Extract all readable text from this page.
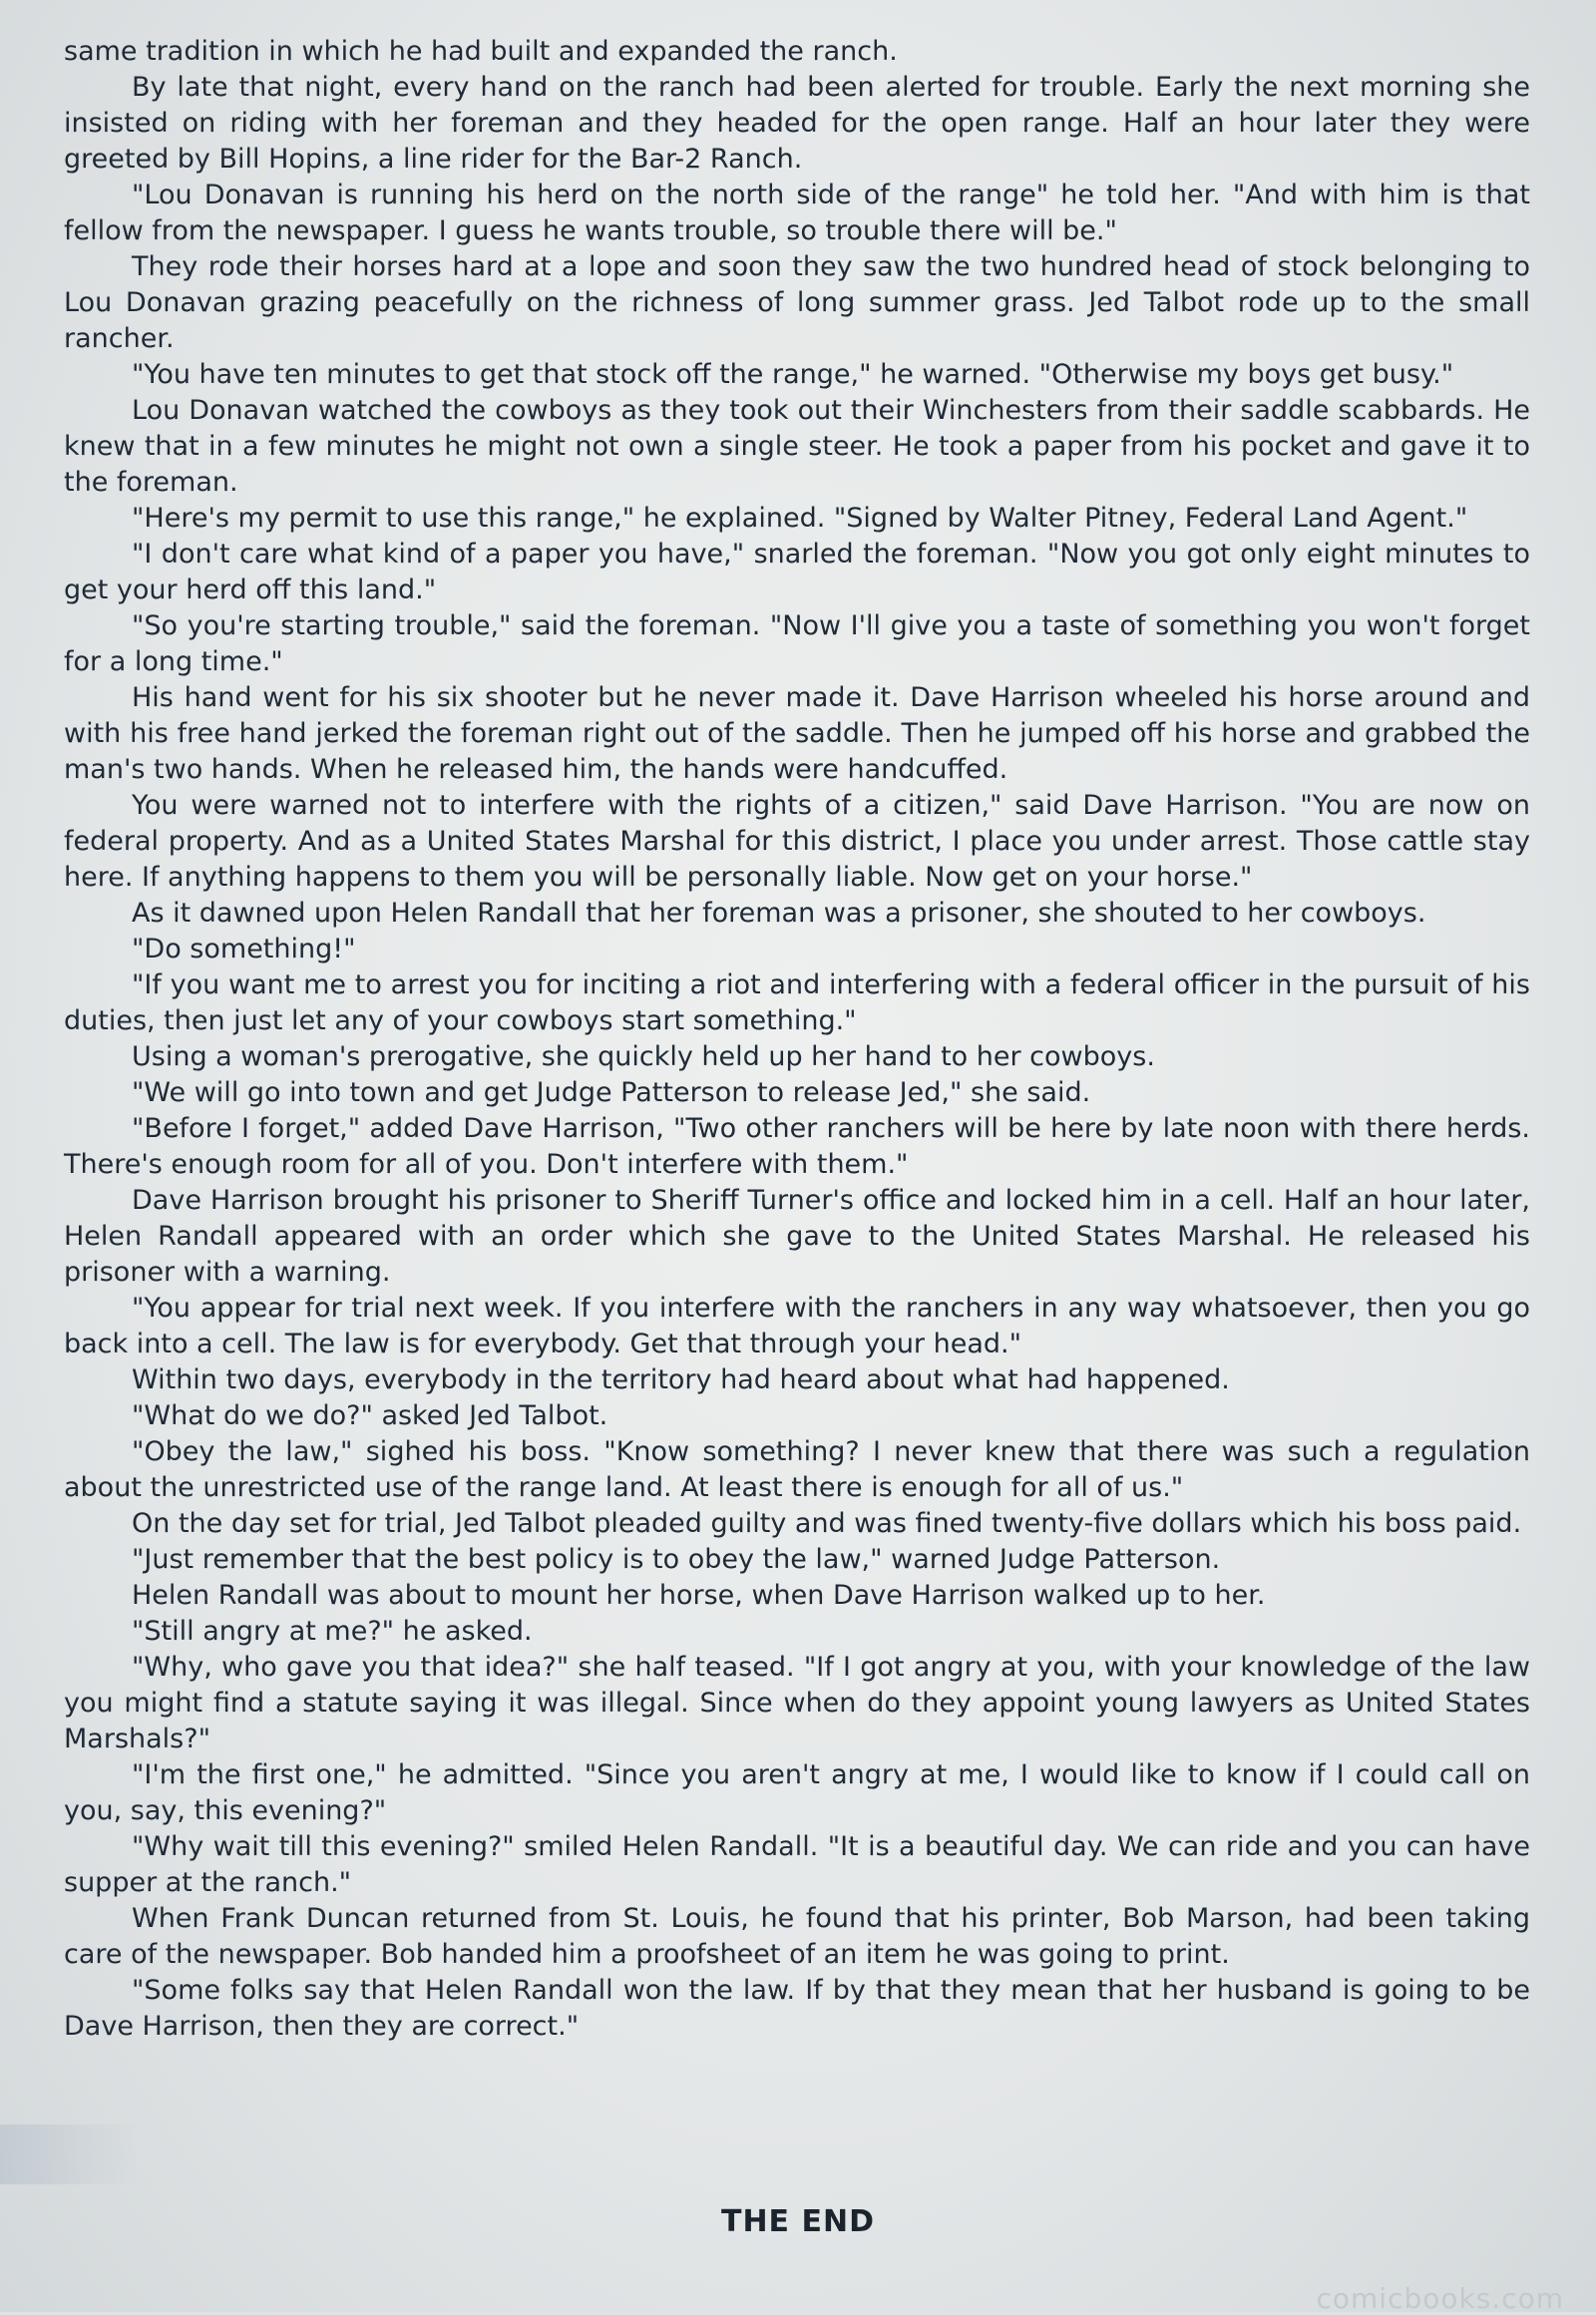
same tradition in which he had built and expanded the ranch.

By late that night, every hand on the ranch had been alerted for trouble. Early the next morning she insisted on riding with her foreman and they headed for the open range. Half an hour later they were greeted by Bill Hopins, a line rider for the Bar-2 Ranch.

"Lou Donavan is running his herd on the north side of the range" he told her. "And with him is that fellow from the newspaper. I guess he wants trouble, so trouble there will be."

They rode their horses hard at a lope and soon they saw the two hundred head of stock belonging to Lou Donavan grazing peacefully on the richness of long summer grass. Jed Talbot rode up to the small rancher.

"You have ten minutes to get that stock off the range," he warned. "Otherwise my boys get busy."

Lou Donavan watched the cowboys as they took out their Winchesters from their saddle scabbards. He knew that in a few minutes he might not own a single steer. He took a paper from his pocket and gave it to the foreman.

"Here's my permit to use this range," he explained. "Signed by Walter Pitney, Federal Land Agent."

"I don't care what kind of a paper you have," snarled the foreman. "Now you got only eight minutes to get your herd off this land."

"So you're starting trouble," said the foreman. "Now I'll give you a taste of something you won't forget for a long time."

His hand went for his six shooter but he never made it. Dave Harrison wheeled his horse around and with his free hand jerked the foreman right out of the saddle. Then he jumped off his horse and grabbed the man's two hands. When he released him, the hands were handcuffed.

You were warned not to interfere with the rights of a citizen," said Dave Harrison. "You are now on federal property. And as a United States Marshal for this district, I place you under arrest. Those cattle stay here. If anything happens to them you will be personally liable. Now get on your horse."

As it dawned upon Helen Randall that her foreman was a prisoner, she shouted to her cowboys.

"Do something!"

"If you want me to arrest you for inciting a riot and interfering with a federal officer in the pursuit of his duties, then just let any of your cowboys start something."

Using a woman's prerogative, she quickly held up her hand to her cowboys.

"We will go into town and get Judge Patterson to release Jed," she said.

"Before I forget," added Dave Harrison, "Two other ranchers will be here by late noon with there herds. There's enough room for all of you. Don't interfere with them."

Dave Harrison brought his prisoner to Sheriff Turner's office and locked him in a cell. Half an hour later, Helen Randall appeared with an order which she gave to the United States Marshal. He released his prisoner with a warning.

"You appear for trial next week. If you interfere with the ranchers in any way whatsoever, then you go back into a cell. The law is for everybody. Get that through your head."

Within two days, everybody in the territory had heard about what had happened.

"What do we do?" asked Jed Talbot.

"Obey the law," sighed his boss. "Know something? I never knew that there was such a regulation about the unrestricted use of the range land. At least there is enough for all of us."

On the day set for trial, Jed Talbot pleaded guilty and was fined twenty-five dollars which his boss paid.

"Just remember that the best policy is to obey the law," warned Judge Patterson.

Helen Randall was about to mount her horse, when Dave Harrison walked up to her.

"Still angry at me?" he asked.

"Why, who gave you that idea?" she half teased. "If I got angry at you, with your knowledge of the law you might find a statute saying it was illegal. Since when do they appoint young lawyers as United States Marshals?"

"I'm the first one," he admitted. "Since you aren't angry at me, I would like to know if I could call on you, say, this evening?"

"Why wait till this evening?" smiled Helen Randall. "It is a beautiful day. We can ride and you can have supper at the ranch."

When Frank Duncan returned from St. Louis, he found that his printer, Bob Marson, had been taking care of the newspaper. Bob handed him a proofsheet of an item he was going to print.

"Some folks say that Helen Randall won the law. If by that they mean that her husband is going to be Dave Harrison, then they are correct."

THE END
comicbooks.com
